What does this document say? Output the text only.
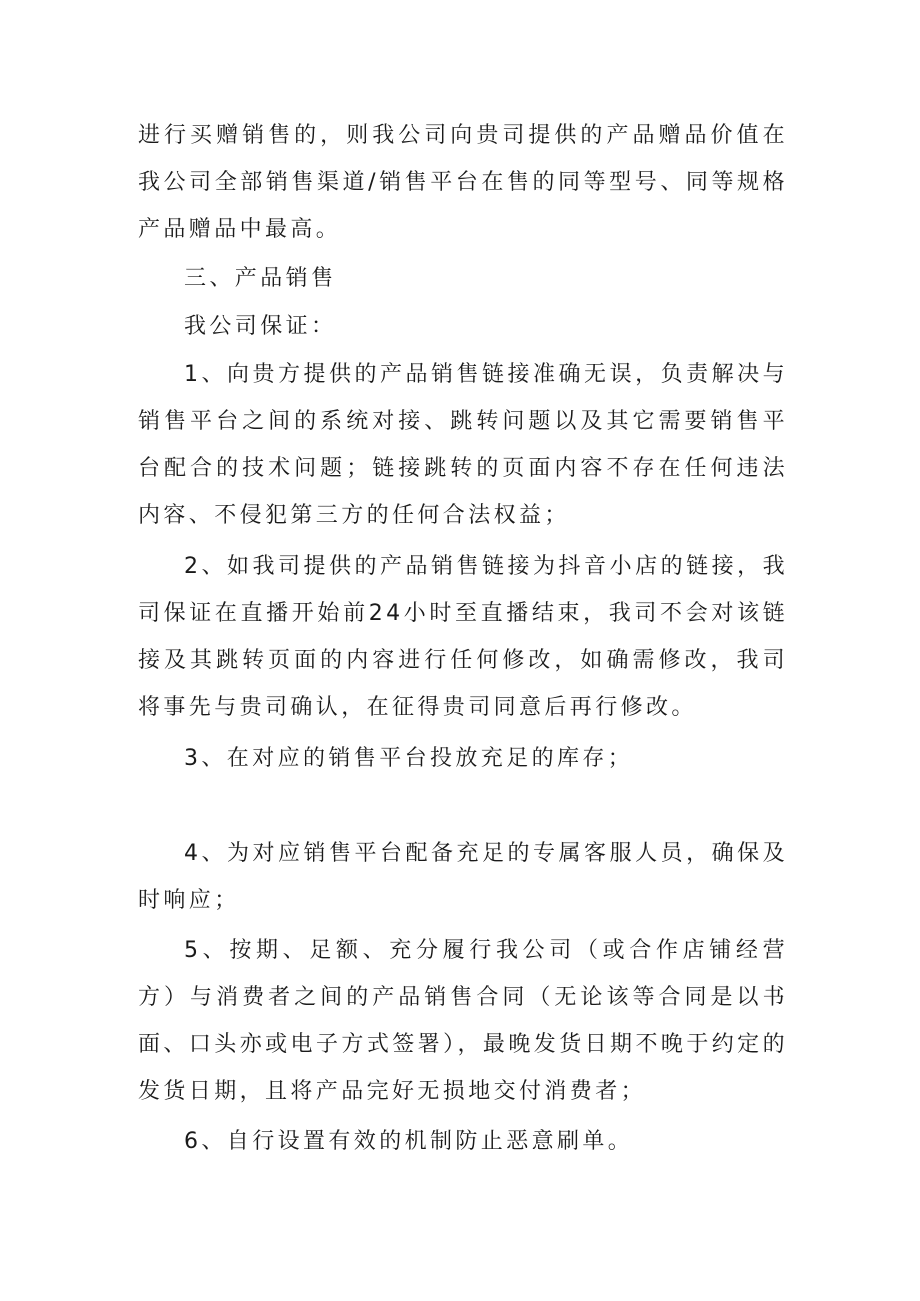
进行买赠销售的，则我公司向贵司提供的产品赠品价值在我公司全部销售渠道/销售平台在售的同等型号、同等规格产品赠品中最高。

三、产品销售

我公司保证：

1、向贵方提供的产品销售链接准确无误，负责解决与销售平台之间的系统对接、跳转问题以及其它需要销售平台配合的技术问题；链接跳转的页面内容不存在任何违法内容、不侵犯第三方的任何合法权益；

2、如我司提供的产品销售链接为抖音小店的链接，我司保证在直播开始前24小时至直播结束，我司不会对该链接及其跳转页面的内容进行任何修改，如确需修改，我司将事先与贵司确认，在征得贵司同意后再行修改。

3、在对应的销售平台投放充足的库存；

4、为对应销售平台配备充足的专属客服人员，确保及时响应；

5、按期、足额、充分履行我公司（或合作店铺经营方）与消费者之间的产品销售合同（无论该等合同是以书面、口头亦或电子方式签署），最晚发货日期不晚于约定的发货日期，且将产品完好无损地交付消费者；

6、自行设置有效的机制防止恶意刷单。
